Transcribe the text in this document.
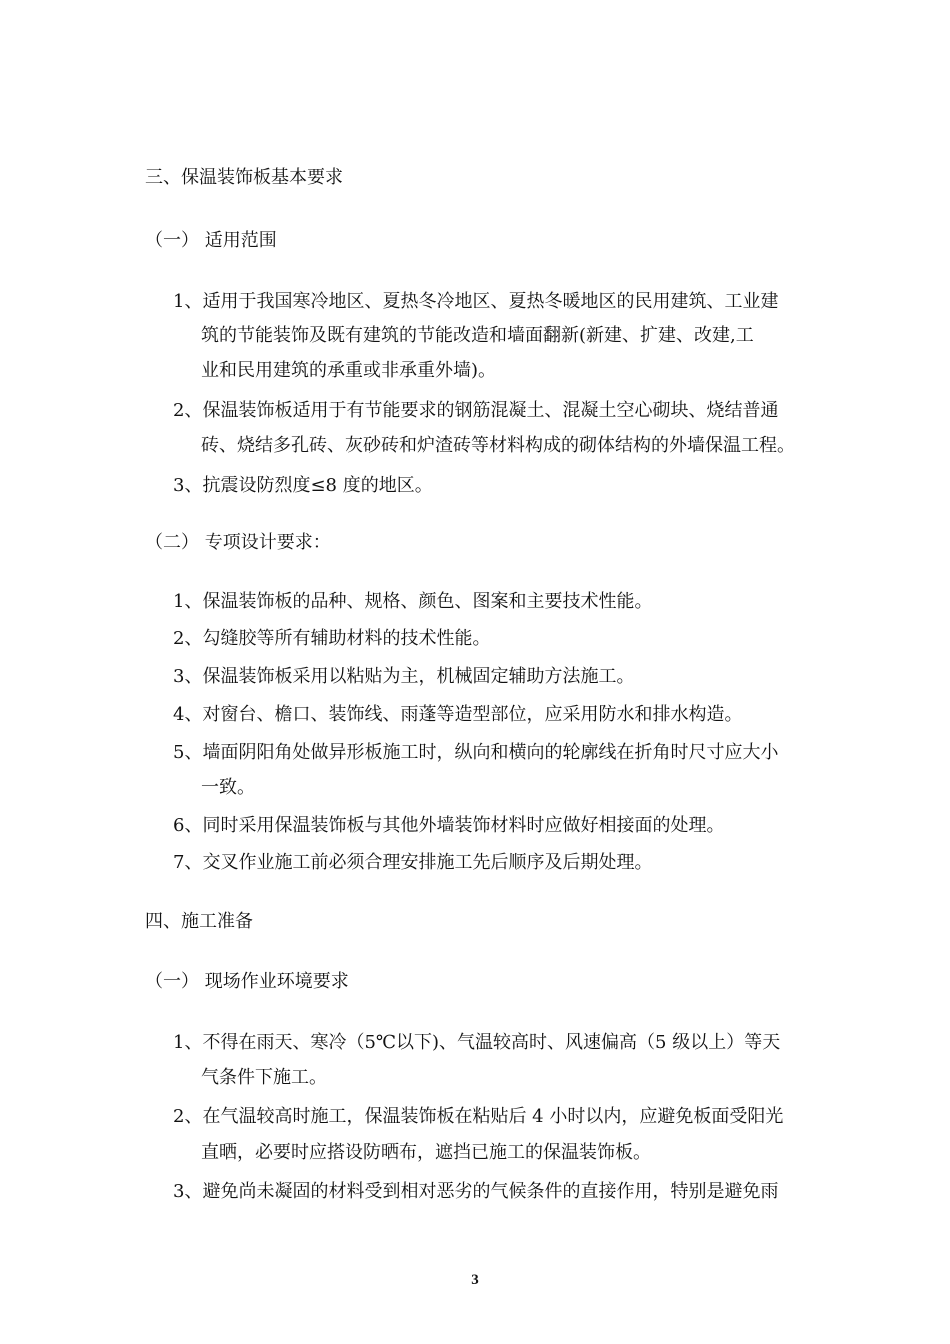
三、保温装饰板基本要求
（一） 适用范围
1、适用于我国寒冷地区、夏热冬冷地区、夏热冬暖地区的民用建筑、工业建
筑的节能装饰及既有建筑的节能改造和墙面翻新(新建、扩建、改建,工
业和民用建筑的承重或非承重外墙)。
2、保温装饰板适用于有节能要求的钢筋混凝土、混凝土空心砌块、烧结普通
砖、烧结多孔砖、灰砂砖和炉渣砖等材料构成的砌体结构的外墙保温工程。
3、抗震设防烈度≤8 度的地区。
（二） 专项设计要求：
1、保温装饰板的品种、规格、颜色、图案和主要技术性能。
2、勾缝胶等所有辅助材料的技术性能。
3、保温装饰板采用以粘贴为主，机械固定辅助方法施工。
4、对窗台、檐口、装饰线、雨蓬等造型部位，应采用防水和排水构造。
5、墙面阴阳角处做异形板施工时，纵向和横向的轮廓线在折角时尺寸应大小
一致。
6、同时采用保温装饰板与其他外墙装饰材料时应做好相接面的处理。
7、交叉作业施工前必须合理安排施工先后顺序及后期处理。
四、施工准备
（一） 现场作业环境要求
1、不得在雨天、寒冷（5℃以下)、气温较高时、风速偏高（5 级以上）等天
气条件下施工。
2、在气温较高时施工，保温装饰板在粘贴后 4 小时以内，应避免板面受阳光
直晒，必要时应搭设防晒布，遮挡已施工的保温装饰板。
3、避免尚未凝固的材料受到相对恶劣的气候条件的直接作用，特别是避免雨
3
